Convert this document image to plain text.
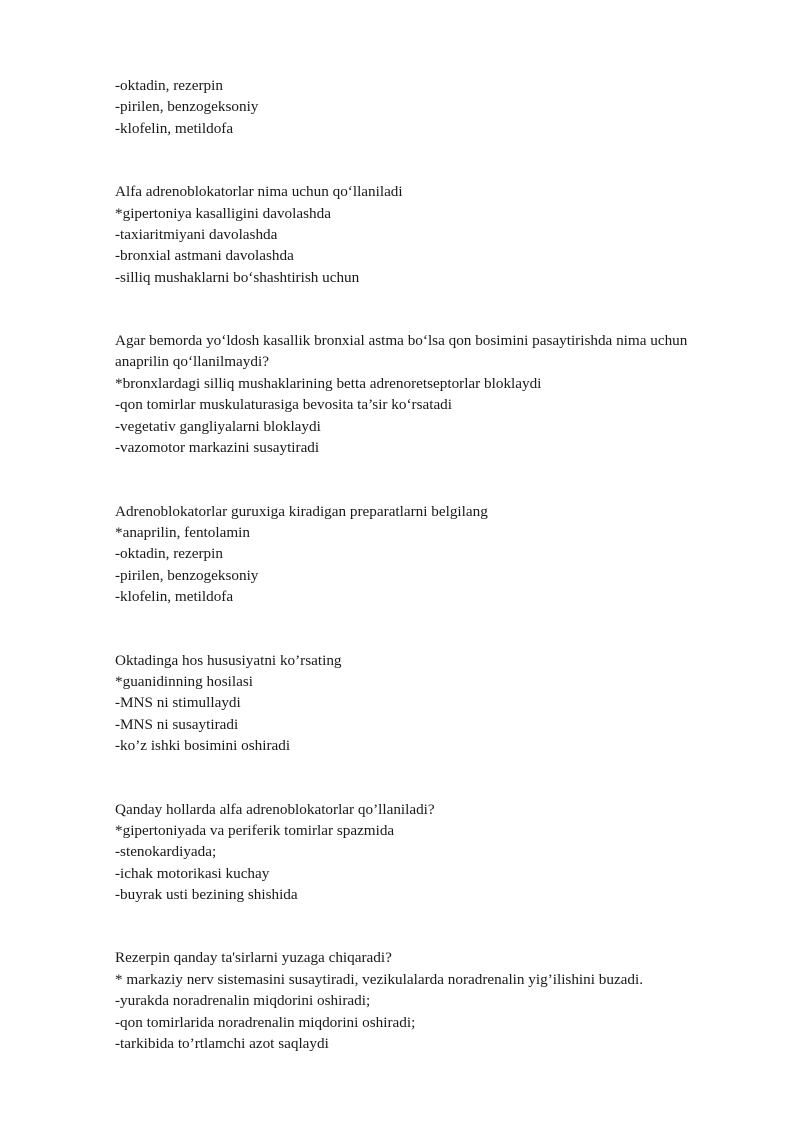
-oktadin, rezerpin
-pirilen, benzogeksoniy
-klofelin, metildofa
Alfa adrenoblokatorlar nima uchun qo‘llaniladi
*gipertoniya kasalligini davolashda
-taxiaritmiyani davolashda
-bronxial astmani davolashda
-silliq mushaklarni bo‘shashtirish uchun
Agar bemorda yo‘ldosh kasallik bronxial astma bo‘lsa qon bosimini pasaytirishda nima uchun
anaprilin qo‘llanilmaydi?
*bronxlardagi silliq mushaklarining betta adrenoretseptorlar bloklaydi
-qon tomirlar muskulaturasiga bevosita ta’sir ko‘rsatadi
-vegetativ gangliyalarni bloklaydi
-vazomotor markazini susaytiradi
Adrenoblokatorlar guruxiga kiradigan preparatlarni belgilang
*anaprilin, fentolamin
-oktadin, rezerpin
-pirilen, benzogeksoniy
-klofelin, metildofa
Oktadinga hos hususiyatni ko’rsating
*guanidinning hosilasi
-MNS ni stimullaydi
-MNS ni susaytiradi
-ko’z ishki bosimini oshiradi
Qanday hollarda alfa adrenoblokatorlar qo’llaniladi?
*gipertoniyada va periferik tomirlar spazmida
-stenokardiyada;
-ichak motorikasi kuchay
-buyrak usti bezining shishida
Rezerpin qanday ta'sirlarni yuzaga chiqaradi?
* markaziy nerv sistemasini susaytiradi, vezikulalarda noradrenalin yig’ilishini buzadi.
-yurakda noradrenalin miqdorini oshiradi;
-qon tomirlarida noradrenalin miqdorini oshiradi;
-tarkibida to’rtlamchi azot saqlaydi
